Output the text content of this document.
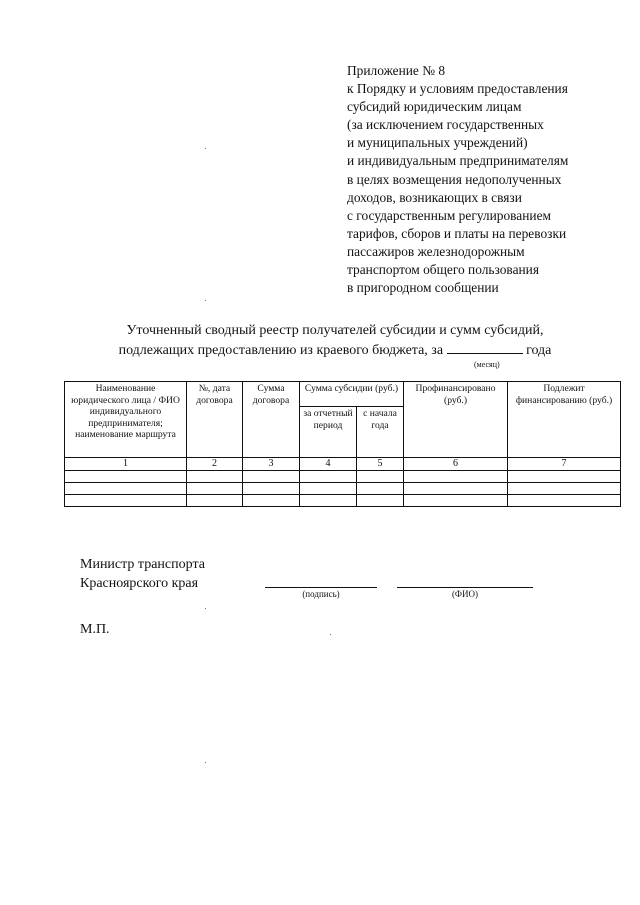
Приложение № 8
к Порядку и условиям предоставления
субсидий юридическим лицам
(за исключением государственных
и муниципальных учреждений)
и индивидуальным предпринимателям
в целях возмещения недополученных
доходов, возникающих в связи
с государственным регулированием
тарифов, сборов и платы на перевозки
пассажиров железнодорожным
транспортом общего пользования
в пригородном сообщении
Уточненный сводный реестр получателей субсидии и сумм субсидий,
подлежащих предоставлению из краевого бюджета, за	года
(месяц)
Наименование юридического лица / ФИО индивидуального предпринимателя; наименование маршрута	№, дата договора	Сумма договора	Сумма субсидии (руб.)		Профинансировано (руб.)	Подлежит финансированию (руб.)
			за отчетный период	с начала года		
1	2	3	4	5	6	7

Министр транспорта
Красноярского края
(подпись)	(ФИО)
М.П.
